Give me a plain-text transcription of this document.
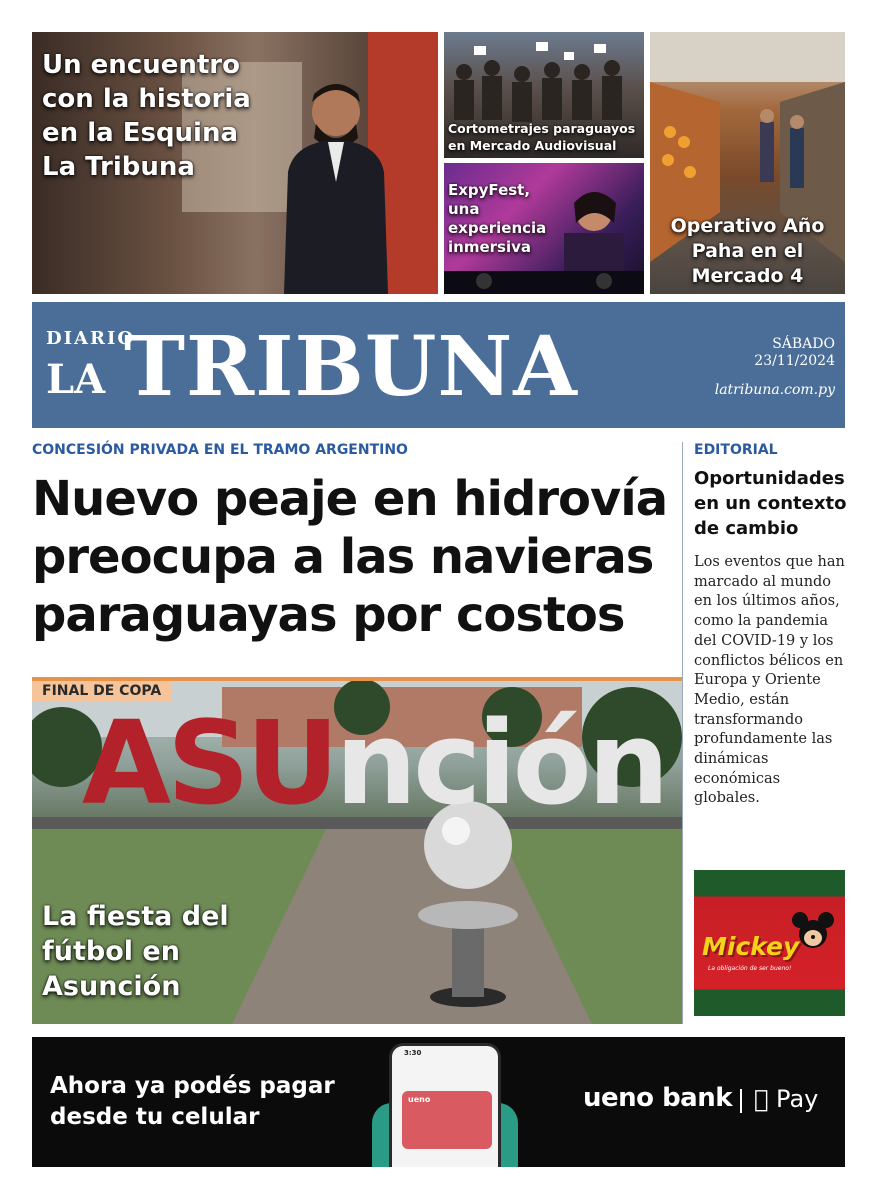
Un encuentro con la historia en la Esquina La Tribuna
Cortometrajes paraguayos en Mercado Audiovisual
ExpyFest, una experiencia inmersiva
Operativo Año Paha en el Mercado 4
DIARIO
LA TRIBUNA	SÁBADO
23/11/2024
latribuna.com.py
CONCESIÓN PRIVADA EN EL TRAMO ARGENTINO
Nuevo peaje en hidrovía preocupa a las navieras paraguayas por costos
FINAL DE COPA
ASUnción
La fiesta del fútbol en Asunción
EDITORIAL
Oportunidades en un contexto de cambio
Los eventos que han marcado al mundo en los últimos años, como la pandemia del COVID-19 y los conflictos bélicos en Europa y Oriente Medio, están transformando profundamente las dinámicas económicas globales.
Mickey
La obligación de ser bueno!
Ahora ya podés pagar
desde tu celular
3:30
ueno	ueno bank Pay
